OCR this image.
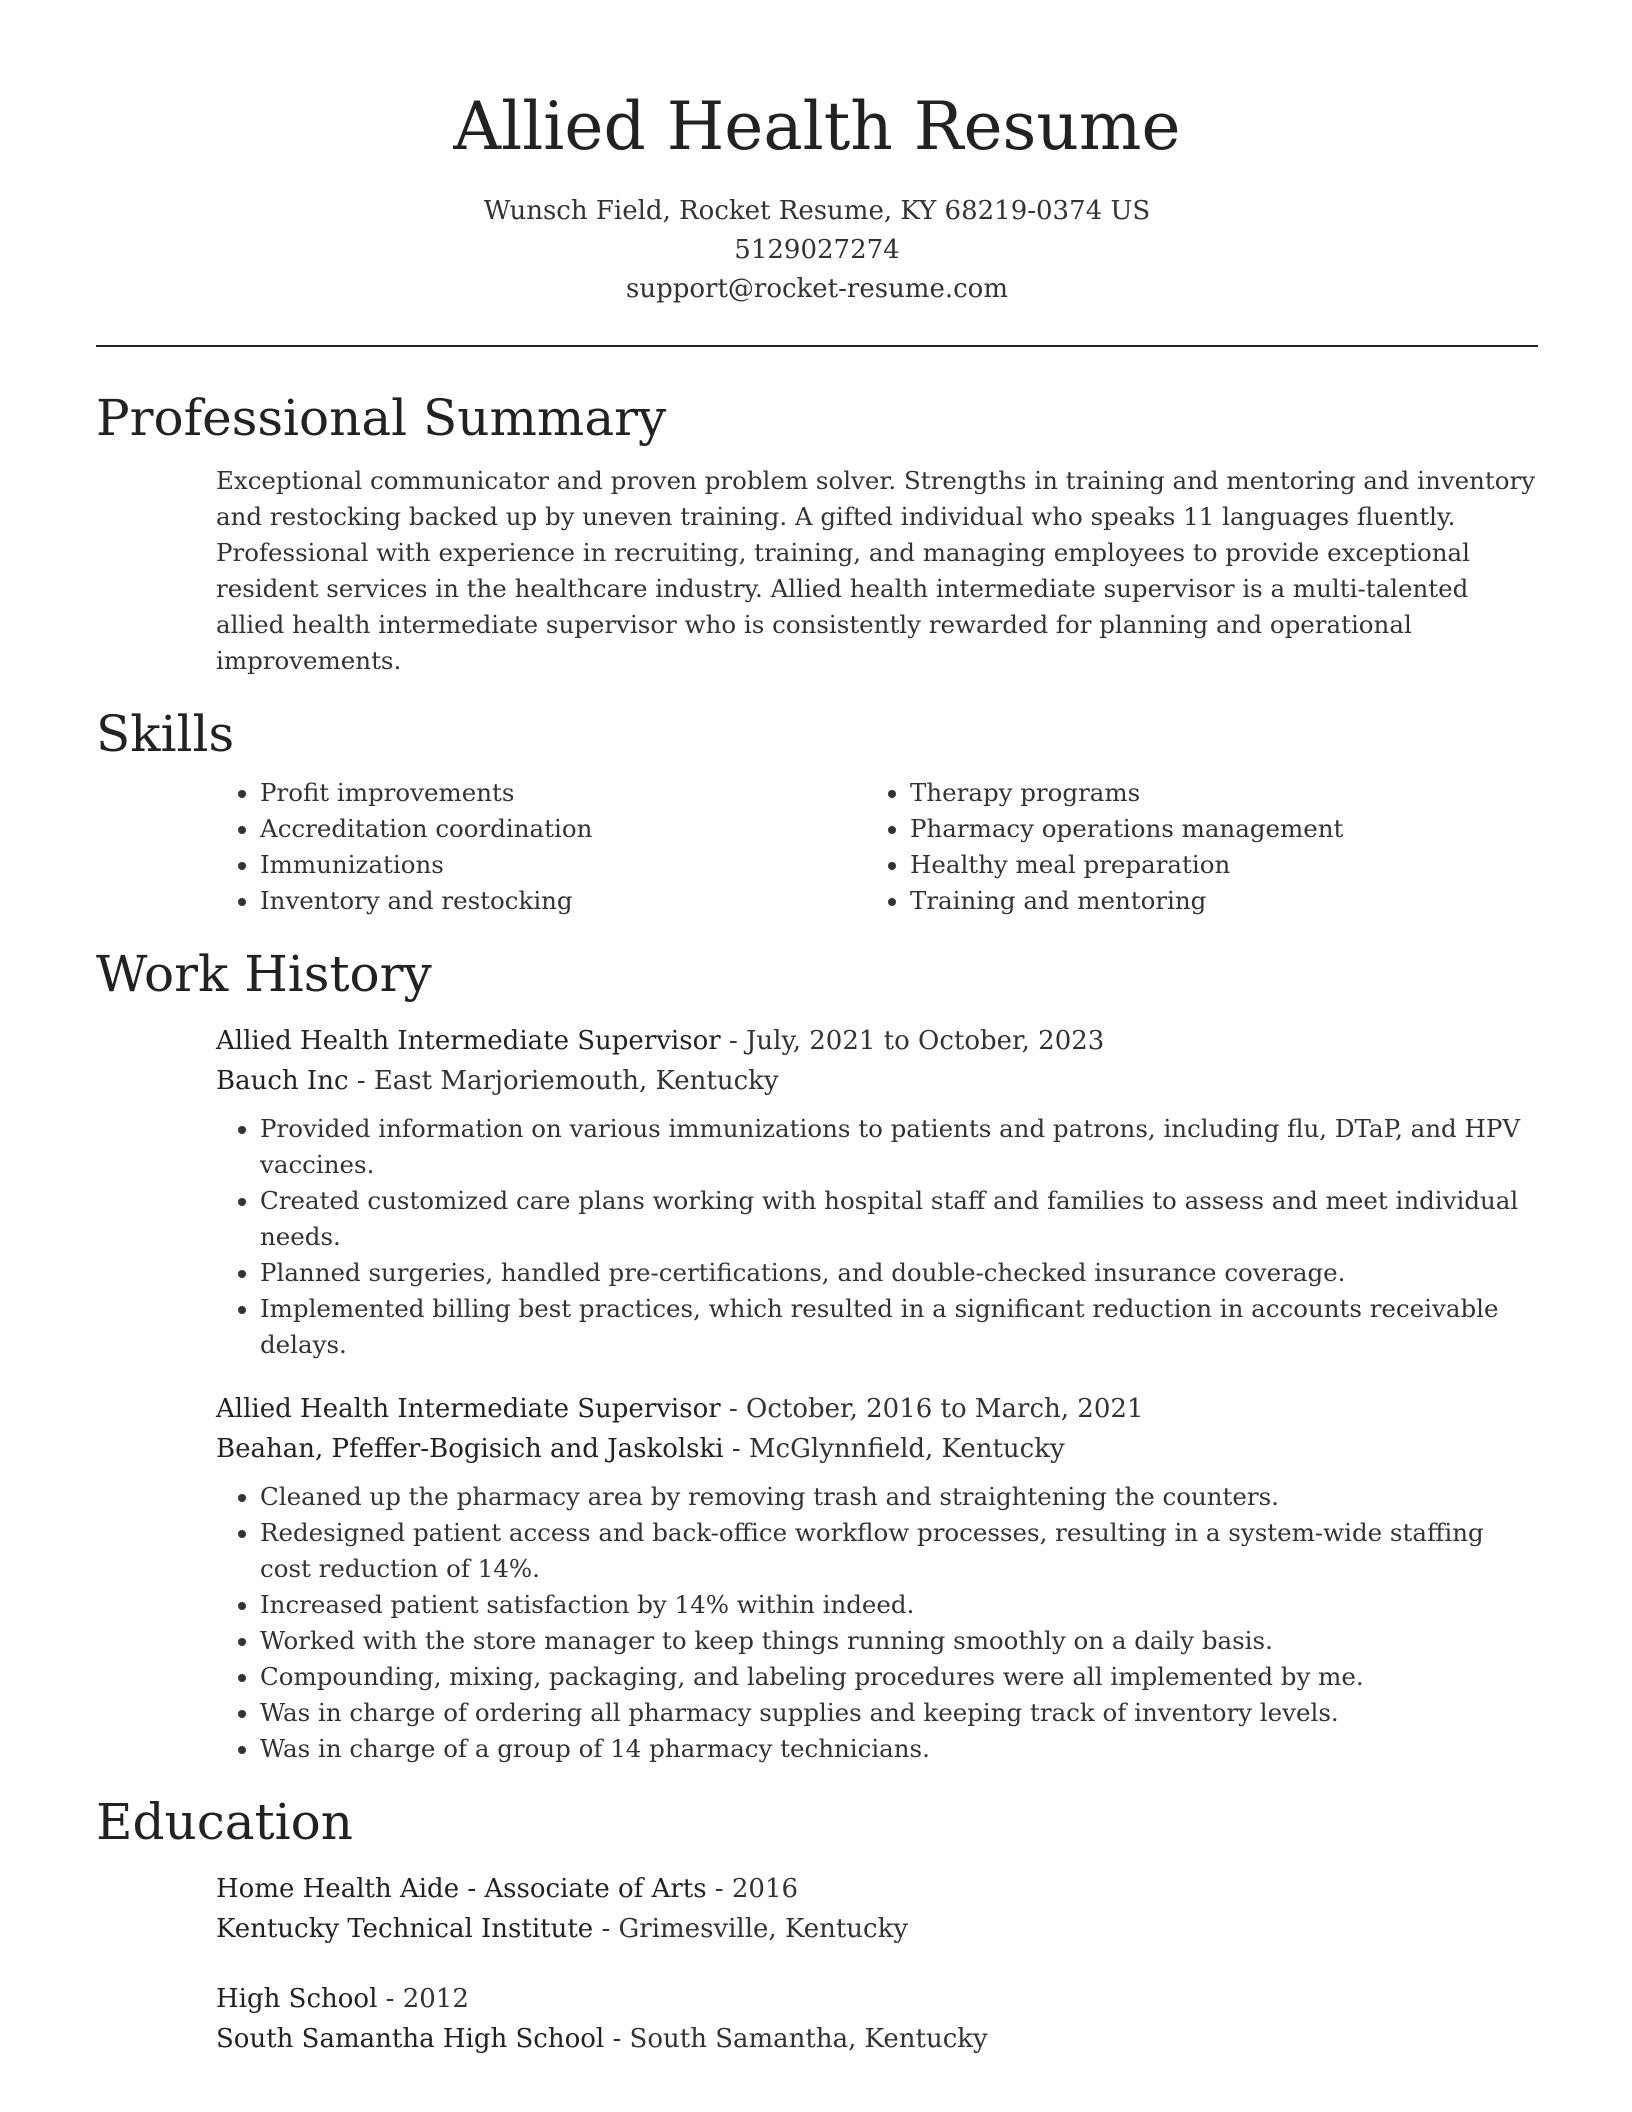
Allied Health Resume
Wunsch Field, Rocket Resume, KY 68219-0374 US
5129027274
support@rocket-resume.com
Professional Summary
Exceptional communicator and proven problem solver. Strengths in training and mentoring and inventory and restocking backed up by uneven training. A gifted individual who speaks 11 languages fluently. Professional with experience in recruiting, training, and managing employees to provide exceptional resident services in the healthcare industry. Allied health intermediate supervisor is a multi-talented allied health intermediate supervisor who is consistently rewarded for planning and operational improvements.
Skills
• Profit improvements
• Accreditation coordination
• Immunizations
• Inventory and restocking
• Therapy programs
• Pharmacy operations management
• Healthy meal preparation
• Training and mentoring
Work History
Allied Health Intermediate Supervisor - July, 2021 to October, 2023
Bauch Inc - East Marjoriemouth, Kentucky
• Provided information on various immunizations to patients and patrons, including flu, DTaP, and HPV vaccines.
• Created customized care plans working with hospital staff and families to assess and meet individual needs.
• Planned surgeries, handled pre-certifications, and double-checked insurance coverage.
• Implemented billing best practices, which resulted in a significant reduction in accounts receivable delays.
Allied Health Intermediate Supervisor - October, 2016 to March, 2021
Beahan, Pfeffer-Bogisich and Jaskolski - McGlynnfield, Kentucky
• Cleaned up the pharmacy area by removing trash and straightening the counters.
• Redesigned patient access and back-office workflow processes, resulting in a system-wide staffing cost reduction of 14%.
• Increased patient satisfaction by 14% within indeed.
• Worked with the store manager to keep things running smoothly on a daily basis.
• Compounding, mixing, packaging, and labeling procedures were all implemented by me.
• Was in charge of ordering all pharmacy supplies and keeping track of inventory levels.
• Was in charge of a group of 14 pharmacy technicians.
Education
Home Health Aide - Associate of Arts - 2016
Kentucky Technical Institute - Grimesville, Kentucky
High School - 2012
South Samantha High School - South Samantha, Kentucky
